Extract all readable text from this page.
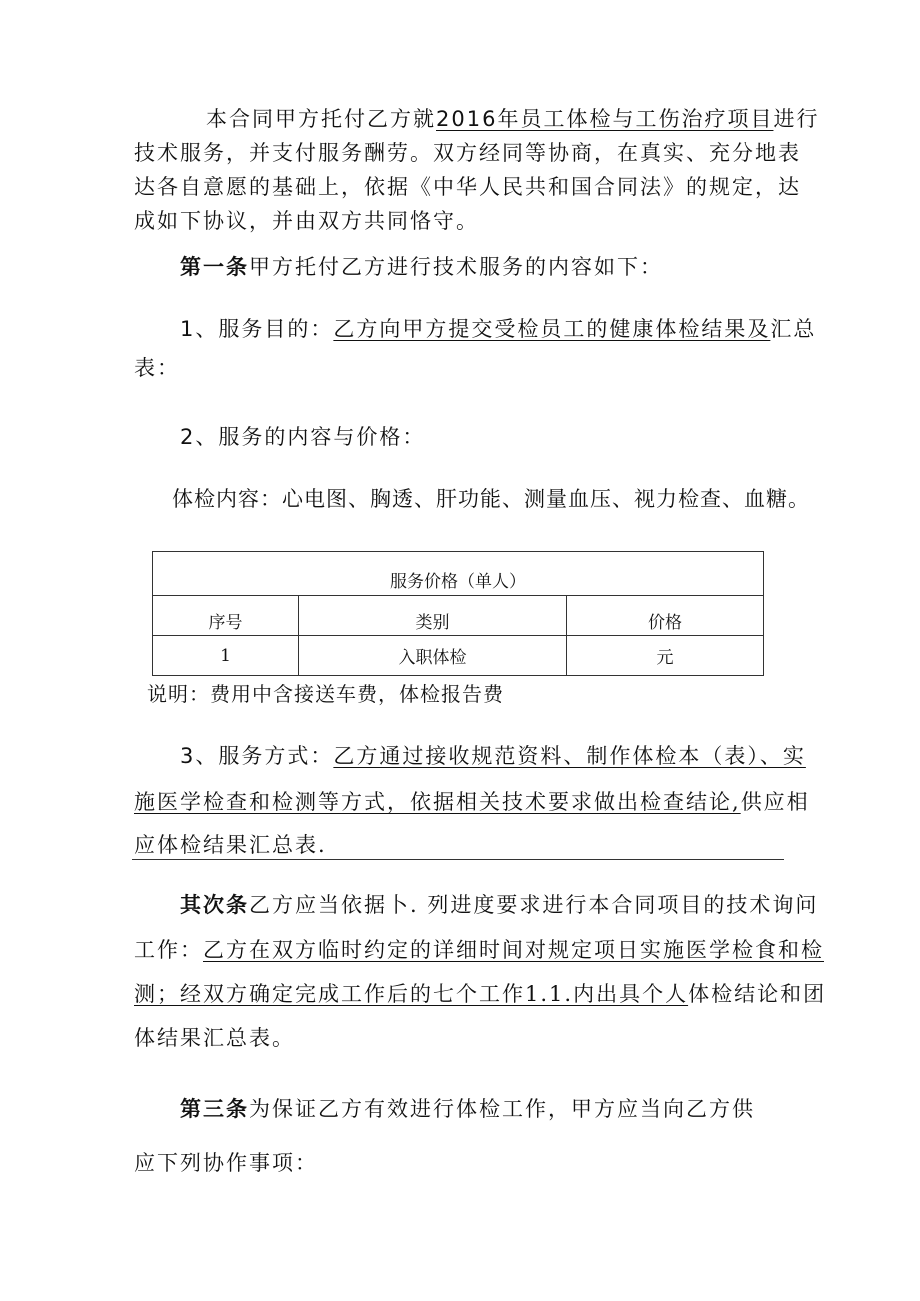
本合同甲方托付乙方就2016年员工体检与工伤治疗项目进行
技术服务，并支付服务酬劳。双方经同等协商，在真实、充分地表
达各自意愿的基础上，依据《中华人民共和国合同法》的规定，达
成如下协议，并由双方共同恪守。
第一条甲方托付乙方进行技术服务的内容如下：
1、服务目的：乙方向甲方提交受检员工的健康体检结果及汇总
表：
2、服务的内容与价格：
体检内容：心电图、胸透、肝功能、测量血压、视力检查、血糖。
服务价格（单人）		
序号	类别	价格
1	入职体检	元
说明：费用中含接送车费，体检报告费
3、服务方式：乙方通过接收规范资料、制作体检本（表）、实
施医学检查和检测等方式，依据相关技术要求做出检查结论,供应相
应体检结果汇总表.
其次条乙方应当依据卜. 列进度要求进行本合同项目的技术询问
工作：乙方在双方临时约定的详细时间对规定项日实施医学检食和检
测；经双方确定完成工作后的七个工作1.1.内出具个人体检结论和团
体结果汇总表。
第三条为保证乙方有效进行体检工作，甲方应当向乙方供
应下列协作事项：
